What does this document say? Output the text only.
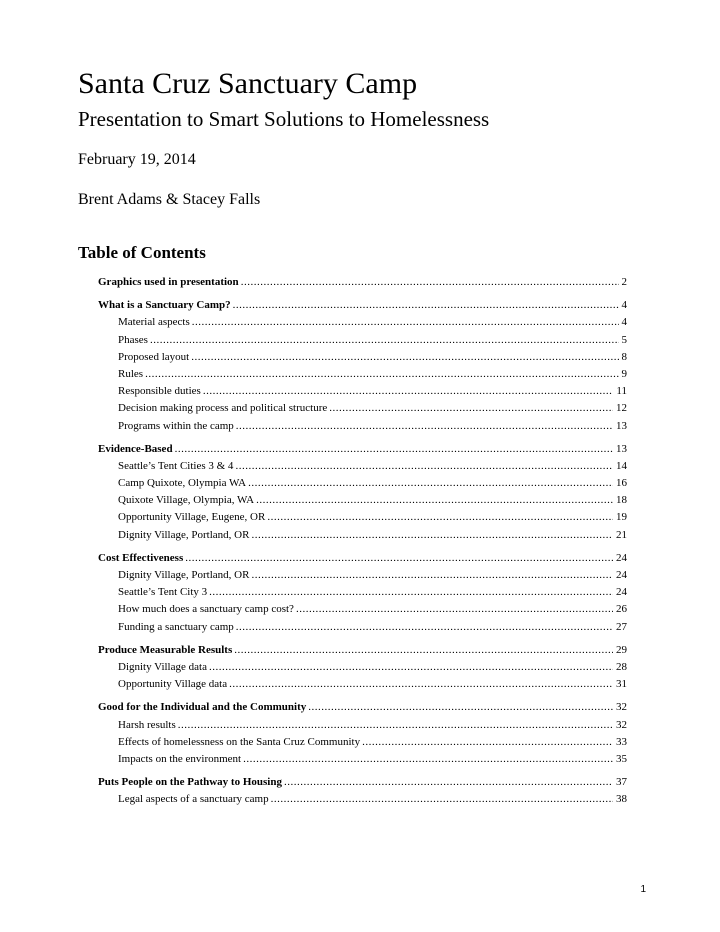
Santa Cruz Sanctuary Camp
Presentation to Smart Solutions to Homelessness
February 19, 2014
Brent Adams & Stacey Falls
Table of Contents
Graphics used in presentation .....	2
What is a Sanctuary Camp? .....	4
Material aspects .....	4
Phases .....	5
Proposed layout .....	8
Rules .....	9
Responsible duties .....	11
Decision making process and political structure .....	12
Programs within the camp .....	13
Evidence-Based .....	13
Seattle’s Tent Cities 3 & 4 .....	14
Camp Quixote, Olympia WA .....	16
Quixote Village, Olympia, WA .....	18
Opportunity Village, Eugene, OR .....	19
Dignity Village, Portland, OR .....	21
Cost Effectiveness .....	24
Dignity Village, Portland, OR .....	24
Seattle’s Tent City 3 .....	24
How much does a sanctuary camp cost? .....	26
Funding a sanctuary camp .....	27
Produce Measurable Results .....	29
Dignity Village data .....	28
Opportunity Village data .....	31
Good for the Individual and the Community .....	32
Harsh results .....	32
Effects of homelessness on the Santa Cruz Community .....	33
Impacts on the environment .....	35
Puts People on the Pathway to Housing .....	37
Legal aspects of a sanctuary camp .....	38
1
